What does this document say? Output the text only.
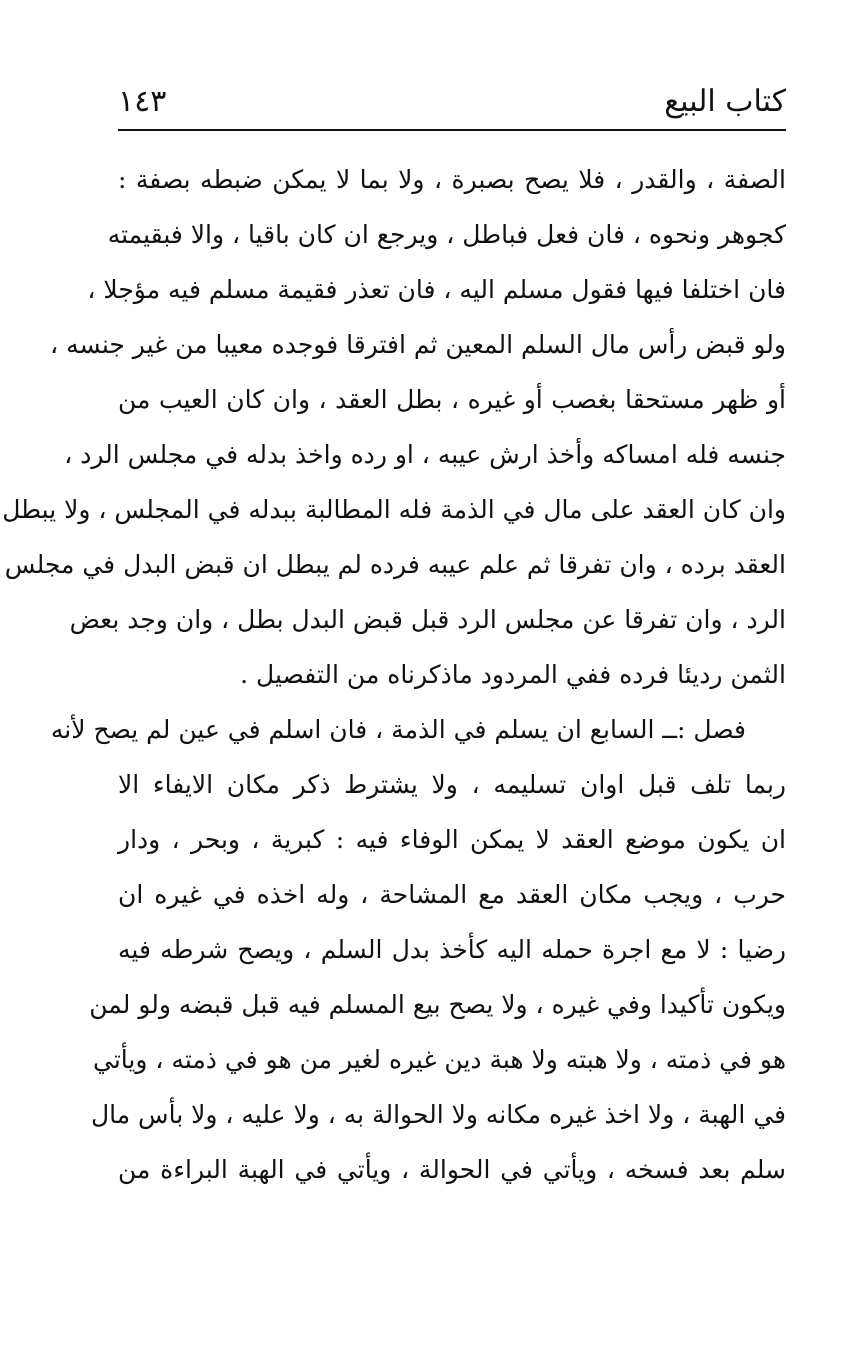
كتاب البيع
١٤٣
الصفة ، والقدر ، فلا يصح بصبرة ، ولا بما لا يمكن ضبطه بصفة :
كجوهر ونحوه ، فان فعل فباطل ، ويرجع ان كان باقيا ، والا فبقيمته
فان اختلفا فيها فقول مسلم اليه ، فان تعذر فقيمة مسلم فيه مؤجلا ،
ولو قبض رأس مال السلم المعين ثم افترقا فوجده معيبا من غير جنسه ،
أو ظهر مستحقا بغصب أو غيره ، بطل العقد ، وان كان العيب من
جنسه فله امساكه وأخذ ارش عيبه ، او رده واخذ بدله في مجلس الرد ،
وان كان العقد على مال في الذمة فله المطالبة ببدله في المجلس ، ولا يبطل
العقد برده ، وان تفرقا ثم علم عيبه فرده لم يبطل ان قبض البدل في مجلس
الرد ، وان تفرقا عن مجلس الرد قبل قبض البدل بطل ، وان وجد بعض
الثمن رديئا فرده ففي المردود ماذكرناه من التفصيل .
فصل :ــ السابع ان يسلم في الذمة ، فان اسلم في عين لم يصح لأنه
ربما تلف قبل اوان تسليمه ، ولا يشترط ذكر مكان الايفاء الا
ان يكون موضع العقد لا يمكن الوفاء فيه : كبرية ، وبحر ، ودار
حرب ، ويجب مكان العقد مع المشاحة ، وله اخذه في غيره ان
رضيا : لا مع اجرة حمله اليه كأخذ بدل السلم ، ويصح شرطه فيه
ويكون تأكيدا وفي غيره ، ولا يصح بيع المسلم فيه قبل قبضه ولو لمن
هو في ذمته ، ولا هبته ولا هبة دين غيره لغير من هو في ذمته ، ويأتي
في الهبة ، ولا اخذ غيره مكانه ولا الحوالة به ، ولا عليه ، ولا بأس مال
سلم بعد فسخه ، ويأتي في الحوالة ، ويأتي في الهبة البراءة من
